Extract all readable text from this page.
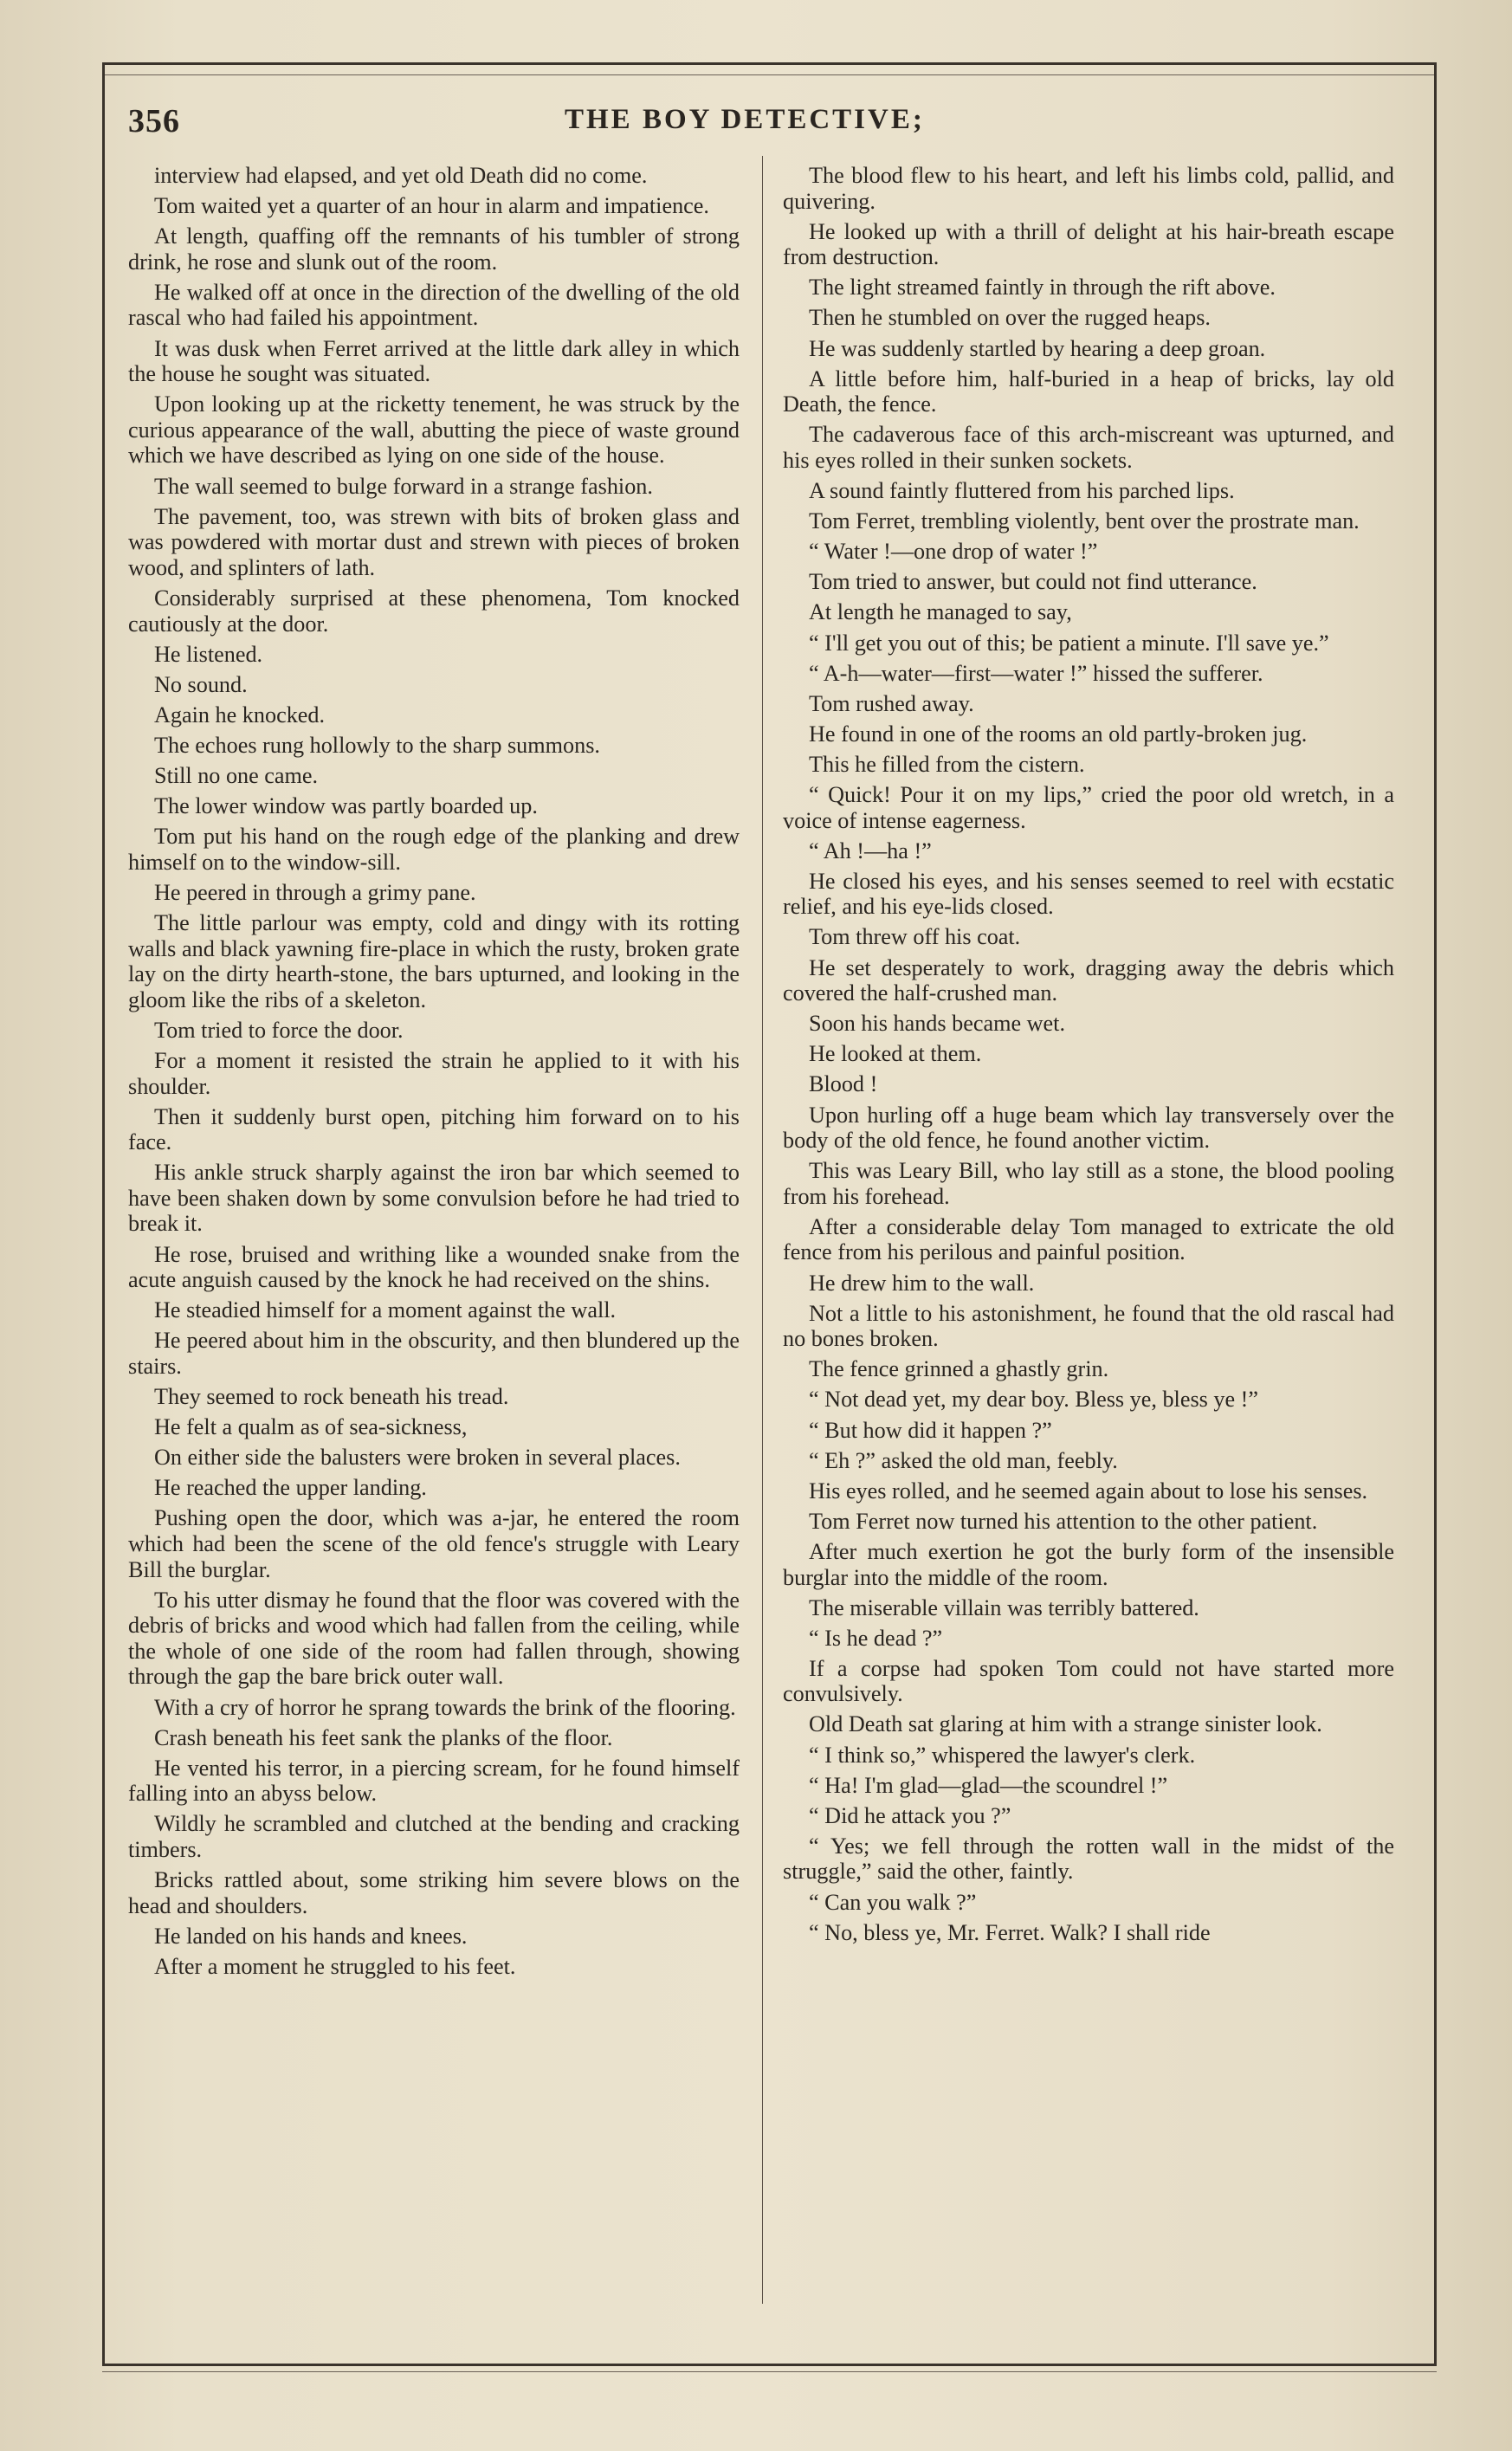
356	THE BOY DETECTIVE;

interview had elapsed, and yet old Death did no come.

Tom waited yet a quarter of an hour in alarm and impatience.

At length, quaffing off the remnants of his tumbler of strong drink, he rose and slunk out of the room.

He walked off at once in the direction of the dwelling of the old rascal who had failed his appointment.

It was dusk when Ferret arrived at the little dark alley in which the house he sought was situated.

Upon looking up at the ricketty tenement, he was struck by the curious appearance of the wall, abutting the piece of waste ground which we have described as lying on one side of the house.

The wall seemed to bulge forward in a strange fashion.

The pavement, too, was strewn with bits of broken glass and was powdered with mortar dust and strewn with pieces of broken wood, and splinters of lath.

Considerably surprised at these phenomena, Tom knocked cautiously at the door.

He listened.

No sound.

Again he knocked.

The echoes rung hollowly to the sharp summons.

Still no one came.

The lower window was partly boarded up.

Tom put his hand on the rough edge of the planking and drew himself on to the window-sill.

He peered in through a grimy pane.

The little parlour was empty, cold and dingy with its rotting walls and black yawning fire-place in which the rusty, broken grate lay on the dirty hearth-stone, the bars upturned, and looking in the gloom like the ribs of a skeleton.

Tom tried to force the door.

For a moment it resisted the strain he applied to it with his shoulder.

Then it suddenly burst open, pitching him forward on to his face.

His ankle struck sharply against the iron bar which seemed to have been shaken down by some convulsion before he had tried to break it.

He rose, bruised and writhing like a wounded snake from the acute anguish caused by the knock he had received on the shins.

He steadied himself for a moment against the wall.

He peered about him in the obscurity, and then blundered up the stairs.

They seemed to rock beneath his tread.

He felt a qualm as of sea-sickness,

On either side the balusters were broken in several places.

He reached the upper landing.

Pushing open the door, which was a-jar, he entered the room which had been the scene of the old fence's struggle with Leary Bill the burglar.

To his utter dismay he found that the floor was covered with the debris of bricks and wood which had fallen from the ceiling, while the whole of one side of the room had fallen through, showing through the gap the bare brick outer wall.

With a cry of horror he sprang towards the brink of the flooring.

Crash beneath his feet sank the planks of the floor.

He vented his terror, in a piercing scream, for he found himself falling into an abyss below.

Wildly he scrambled and clutched at the bending and cracking timbers.

Bricks rattled about, some striking him severe blows on the head and shoulders.

He landed on his hands and knees.

After a moment he struggled to his feet.

The blood flew to his heart, and left his limbs cold, pallid, and quivering.

He looked up with a thrill of delight at his hair-breath escape from destruction.

The light streamed faintly in through the rift above.

Then he stumbled on over the rugged heaps.

He was suddenly startled by hearing a deep groan.

A little before him, half-buried in a heap of bricks, lay old Death, the fence.

The cadaverous face of this arch-miscreant was upturned, and his eyes rolled in their sunken sockets.

A sound faintly fluttered from his parched lips.

Tom Ferret, trembling violently, bent over the prostrate man.

“ Water !—one drop of water !”

Tom tried to answer, but could not find utterance.

At length he managed to say,

“ I'll get you out of this; be patient a minute. I'll save ye.”

“ A-h—water—first—water !” hissed the sufferer.

Tom rushed away.

He found in one of the rooms an old partly-broken jug.

This he filled from the cistern.

“ Quick! Pour it on my lips,” cried the poor old wretch, in a voice of intense eagerness.

“ Ah !—ha !”

He closed his eyes, and his senses seemed to reel with ecstatic relief, and his eye-lids closed.

Tom threw off his coat.

He set desperately to work, dragging away the debris which covered the half-crushed man.

Soon his hands became wet.

He looked at them.

Blood !

Upon hurling off a huge beam which lay transversely over the body of the old fence, he found another victim.

This was Leary Bill, who lay still as a stone, the blood pooling from his forehead.

After a considerable delay Tom managed to extricate the old fence from his perilous and painful position.

He drew him to the wall.

Not a little to his astonishment, he found that the old rascal had no bones broken.

The fence grinned a ghastly grin.

“ Not dead yet, my dear boy. Bless ye, bless ye !”

“ But how did it happen ?”

“ Eh ?” asked the old man, feebly.

His eyes rolled, and he seemed again about to lose his senses.

Tom Ferret now turned his attention to the other patient.

After much exertion he got the burly form of the insensible burglar into the middle of the room.

The miserable villain was terribly battered.

“ Is he dead ?”

If a corpse had spoken Tom could not have started more convulsively.

Old Death sat glaring at him with a strange sinister look.

“ I think so,” whispered the lawyer's clerk.

“ Ha! I'm glad—glad—the scoundrel !”

“ Did he attack you ?”

“ Yes; we fell through the rotten wall in the midst of the struggle,” said the other, faintly.

“ Can you walk ?”

“ No, bless ye, Mr. Ferret. Walk? I shall ride
